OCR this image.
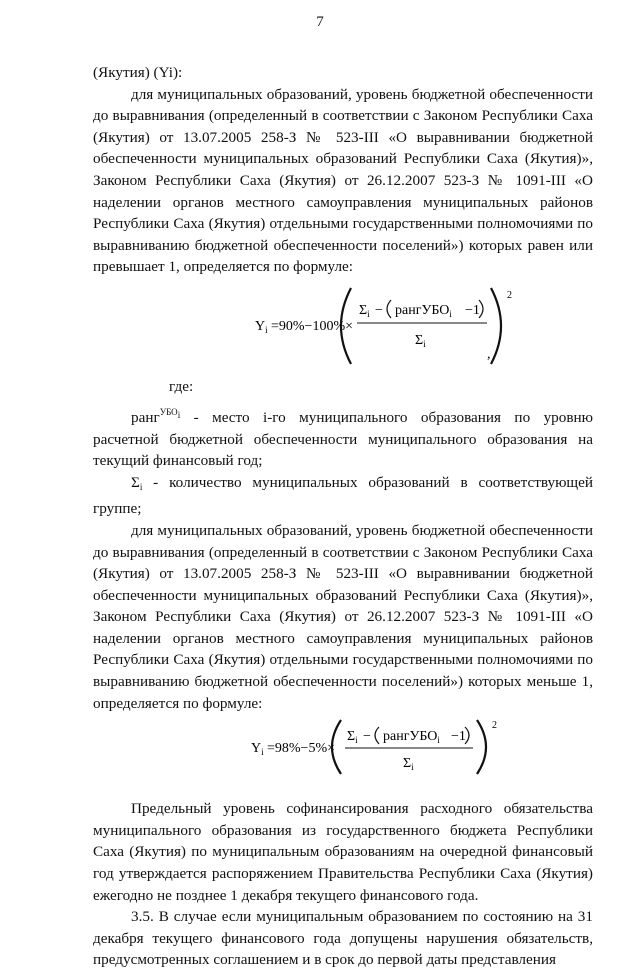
7

(Якутия) (Yi):

для муниципальных образований, уровень бюджетной обеспеченности до выравнивания (определенный в соответствии с Законом Республики Саха (Якутия) от 13.07.2005 258-З № 523-III «О выравнивании бюджетной обеспеченности муниципальных образований Республики Саха (Якутия)», Законом Республики Саха (Якутия) от 26.12.2007 523-З № 1091-III «О наделении органов местного самоуправления муниципальных районов Республики Саха (Якутия) отдельными государственными полномочиями по выравниванию бюджетной обеспеченности поселений») которых равен или превышает 1, определяется по формуле:

$Y_i =90\%-100\%\times$
$\Sigma_i$ − рангУБО$_i$ −1
$\Sigma_i$
2
,
где:

ранг$^{УБО_i}$ - место i-го муниципального образования по уровню расчетной бюджетной обеспеченности муниципального образования на текущий финансовый год;

$\Sigma_i$ - количество муниципальных образований в соответствующей группе;

для муниципальных образований, уровень бюджетной обеспеченности до выравнивания (определенный в соответствии с Законом Республики Саха (Якутия) от 13.07.2005 258-З № 523-III «О выравнивании бюджетной обеспеченности муниципальных образований Республики Саха (Якутия)», Законом Республики Саха (Якутия) от 26.12.2007 523-З № 1091-III «О наделении органов местного самоуправления муниципальных районов Республики Саха (Якутия) отдельными государственными полномочиями по выравниванию бюджетной обеспеченности поселений») которых меньше 1, определяется по формуле:

$Y_i =98\%-5\%\times$
$\Sigma_i$ − рангУБО$_i$ −1
$\Sigma_i$
2

Предельный уровень софинансирования расходного обязательства муниципального образования из государственного бюджета Республики Саха (Якутия) по муниципальным образованиям на очередной финансовый год утверждается распоряжением Правительства Республики Саха (Якутия) ежегодно не позднее 1 декабря текущего финансового года.

3.5. В случае если муниципальным образованием по состоянию на 31 декабря текущего финансового года допущены нарушения обязательств, предусмотренных соглашением и в срок до первой даты представления
